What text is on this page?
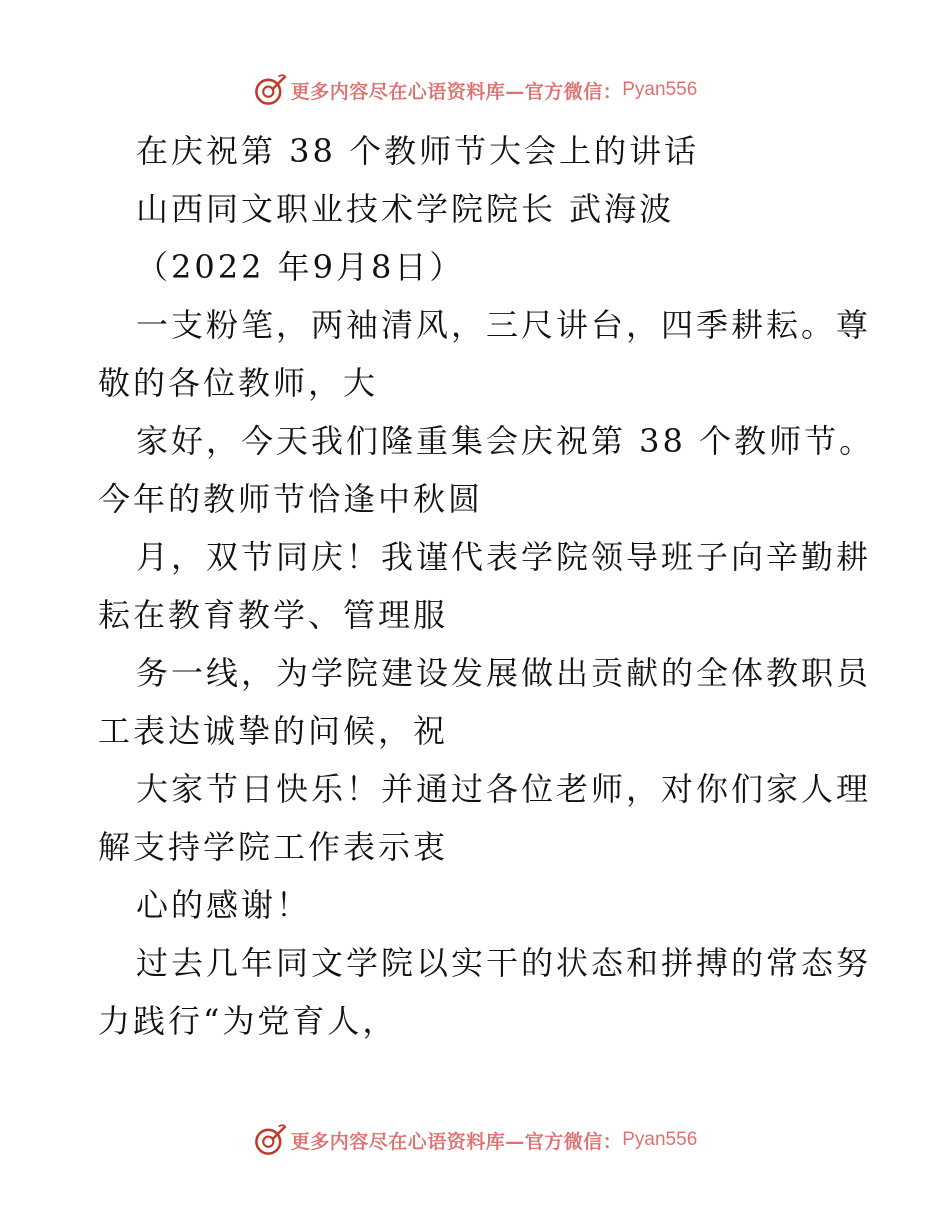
更多内容尽在心语资料库—官方微信： Pyan556
在庆祝第 38 个教师节大会上的讲话
山西同文职业技术学院院长 武海波
（2022 年9月8日）
一支粉笔，两袖清风，三尺讲台，四季耕耘。尊
敬的各位教师，大
家好，今天我们隆重集会庆祝第 38 个教师节。
今年的教师节恰逢中秋圆
月，双节同庆！我谨代表学院领导班子向辛勤耕
耘在教育教学、管理服
务一线，为学院建设发展做出贡献的全体教职员
工表达诚挚的问候，祝
大家节日快乐！并通过各位老师，对你们家人理
解支持学院工作表示衷
心的感谢！
过去几年同文学院以实干的状态和拼搏的常态努
力践行“为党育人，
更多内容尽在心语资料库—官方微信： Pyan556
